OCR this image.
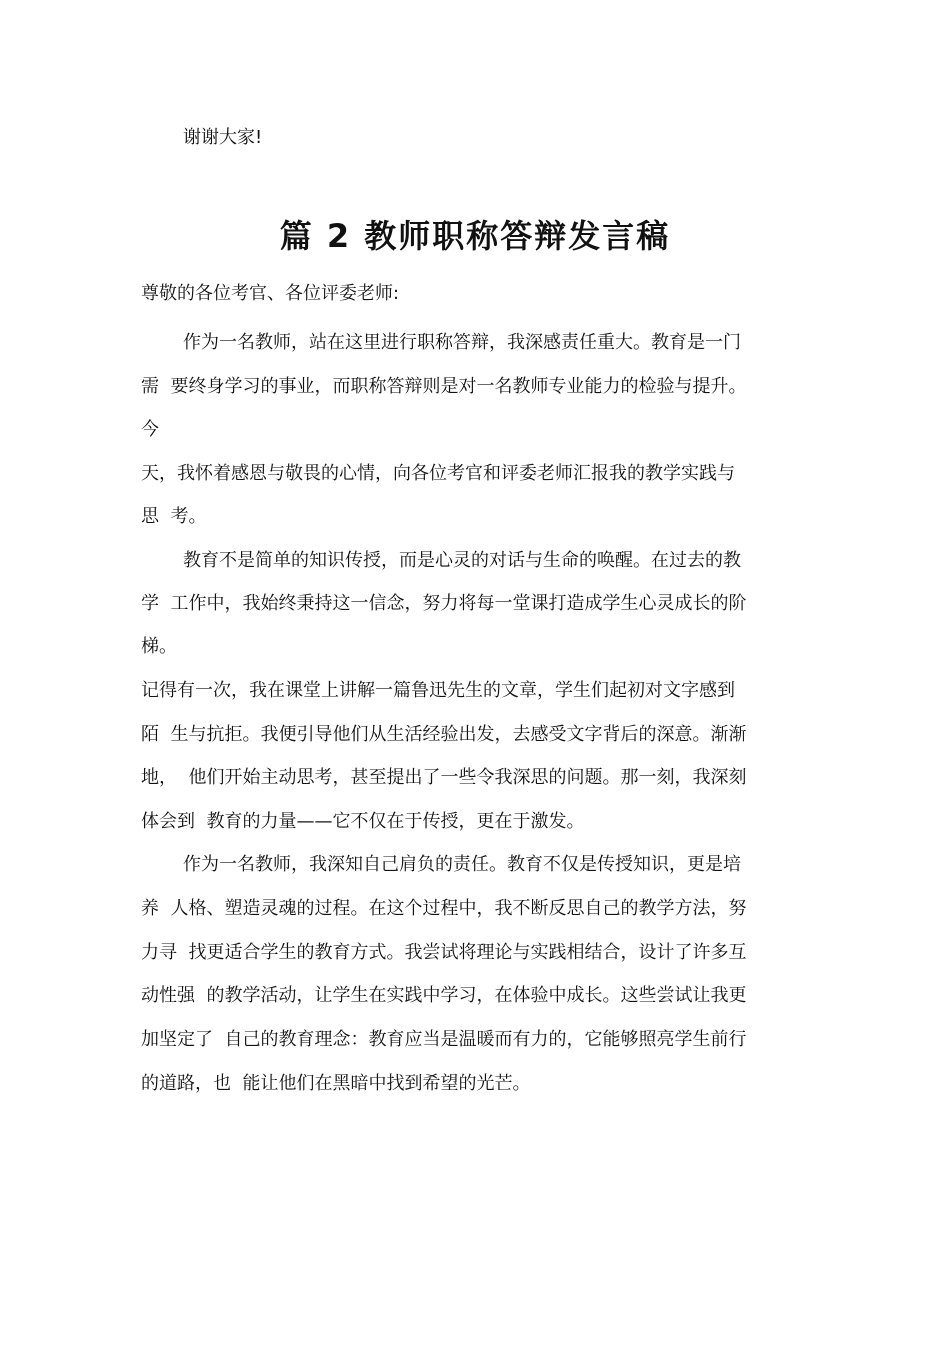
谢谢大家!
篇 2 教师职称答辩发言稿
尊敬的各位考官、各位评委老师:
作为一名教师，站在这里进行职称答辩，我深感责任重大。教育是一门
需  要终身学习的事业，而职称答辩则是对一名教师专业能力的检验与提升。
今
天，我怀着感恩与敬畏的心情，向各位考官和评委老师汇报我的教学实践与
思  考。
教育不是简单的知识传授，而是心灵的对话与生命的唤醒。在过去的教
学  工作中，我始终秉持这一信念，努力将每一堂课打造成学生心灵成长的阶
梯。
记得有一次，我在课堂上讲解一篇鲁迅先生的文章，学生们起初对文字感到
陌  生与抗拒。我便引导他们从生活经验出发，去感受文字背后的深意。渐渐
地，  他们开始主动思考，甚至提出了一些令我深思的问题。那一刻，我深刻
体会到  教育的力量——它不仅在于传授，更在于激发。
作为一名教师，我深知自己肩负的责任。教育不仅是传授知识，更是培
养  人格、塑造灵魂的过程。在这个过程中，我不断反思自己的教学方法，努
力寻  找更适合学生的教育方式。我尝试将理论与实践相结合，设计了许多互
动性强  的教学活动，让学生在实践中学习，在体验中成长。这些尝试让我更
加坚定了  自己的教育理念：教育应当是温暖而有力的，它能够照亮学生前行
的道路，也  能让他们在黑暗中找到希望的光芒。
